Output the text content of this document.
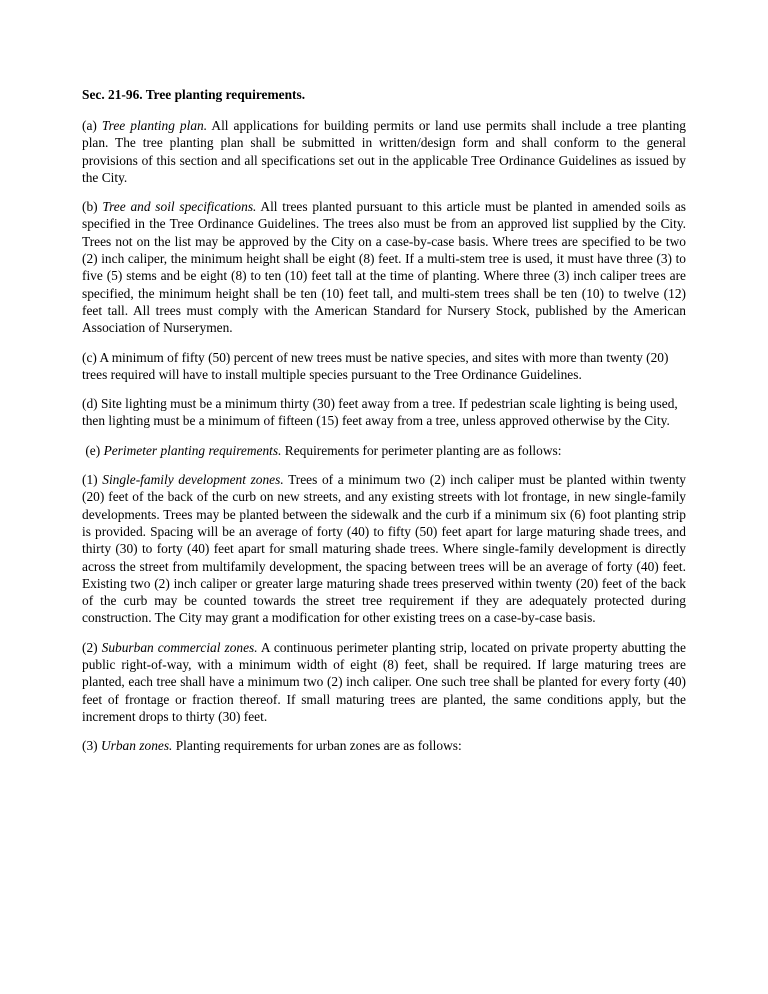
Sec. 21-96. Tree planting requirements.

(a) Tree planting plan. All applications for building permits or land use permits shall include a tree planting plan. The tree planting plan shall be submitted in written/design form and shall conform to the general provisions of this section and all specifications set out in the applicable Tree Ordinance Guidelines as issued by the City.

(b) Tree and soil specifications. All trees planted pursuant to this article must be planted in amended soils as specified in the Tree Ordinance Guidelines. The trees also must be from an approved list supplied by the City. Trees not on the list may be approved by the City on a case-by-case basis. Where trees are specified to be two (2) inch caliper, the minimum height shall be eight (8) feet. If a multi-stem tree is used, it must have three (3) to five (5) stems and be eight (8) to ten (10) feet tall at the time of planting. Where three (3) inch caliper trees are specified, the minimum height shall be ten (10) feet tall, and multi-stem trees shall be ten (10) to twelve (12) feet tall. All trees must comply with the American Standard for Nursery Stock, published by the American Association of Nurserymen.

(c) A minimum of fifty (50) percent of new trees must be native species, and sites with more than twenty (20) trees required will have to install multiple species pursuant to the Tree Ordinance Guidelines.

(d) Site lighting must be a minimum thirty (30) feet away from a tree. If pedestrian scale lighting is being used, then lighting must be a minimum of fifteen (15) feet away from a tree, unless approved otherwise by the City.

(e) Perimeter planting requirements. Requirements for perimeter planting are as follows:

(1) Single-family development zones. Trees of a minimum two (2) inch caliper must be planted within twenty (20) feet of the back of the curb on new streets, and any existing streets with lot frontage, in new single-family developments. Trees may be planted between the sidewalk and the curb if a minimum six (6) foot planting strip is provided. Spacing will be an average of forty (40) to fifty (50) feet apart for large maturing shade trees, and thirty (30) to forty (40) feet apart for small maturing shade trees. Where single-family development is directly across the street from multifamily development, the spacing between trees will be an average of forty (40) feet. Existing two (2) inch caliper or greater large maturing shade trees preserved within twenty (20) feet of the back of the curb may be counted towards the street tree requirement if they are adequately protected during construction. The City may grant a modification for other existing trees on a case-by-case basis.

(2) Suburban commercial zones. A continuous perimeter planting strip, located on private property abutting the public right-of-way, with a minimum width of eight (8) feet, shall be required. If large maturing trees are planted, each tree shall have a minimum two (2) inch caliper. One such tree shall be planted for every forty (40) feet of frontage or fraction thereof. If small maturing trees are planted, the same conditions apply, but the increment drops to thirty (30) feet.

(3) Urban zones. Planting requirements for urban zones are as follows:
